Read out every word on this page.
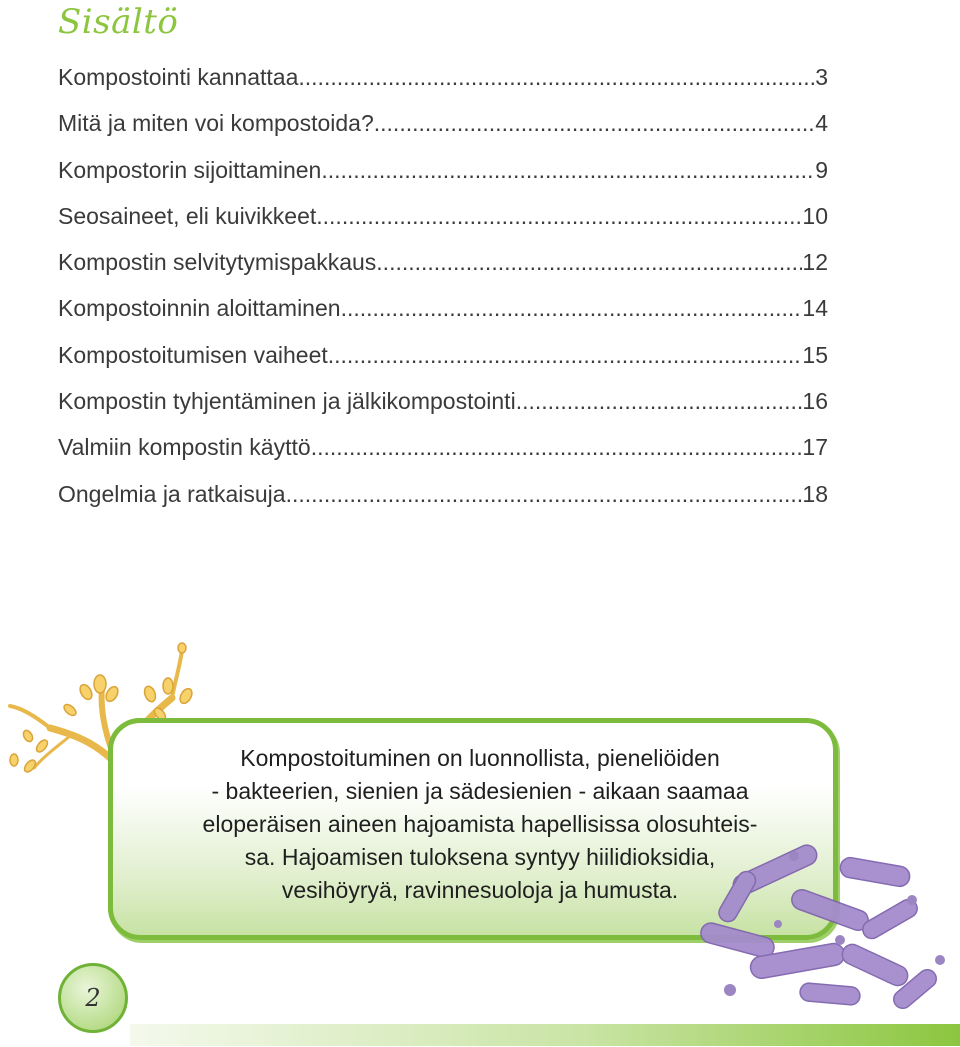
Sisältö
Kompostointi kannattaa .....	3
Mitä ja miten voi kompostoida? .....	4
Kompostorin sijoittaminen .....	9
Seosaineet, eli kuivikkeet .....	10
Kompostin selvitytymispakkaus .....	12
Kompostoinnin aloittaminen .....	14
Kompostoitumisen vaiheet .....	15
Kompostin tyhjentäminen ja jälkikompostointi .....	16
Valmiin kompostin käyttö .....	17
Ongelmia ja ratkaisuja .....	18
Kompostoituminen on luonnollista, pieneliöiden
- bakteerien, sienien ja sädesienien - aikaan saamaa
eloperäisen aineen hajoamista hapellisissa olosuhteis-
sa. Hajoamisen tuloksena syntyy hiilidioksidia,
vesihöyryä, ravinnesuoloja ja humusta.
2
